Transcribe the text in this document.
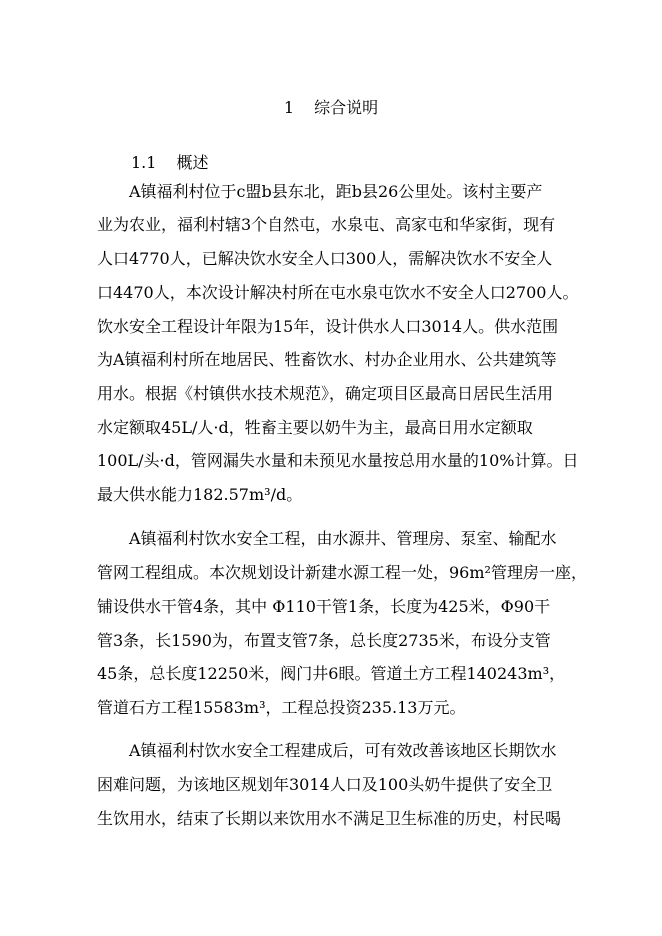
1 综合说明
1.1 概述
A镇福利村位于c盟b县东北，距b县26公里处。该村主要产
业为农业，福利村辖3个自然屯，水泉屯、高家屯和华家街，现有
人口4770人，已解决饮水安全人口300人，需解决饮水不安全人
口4470人，本次设计解决村所在屯水泉屯饮水不安全人口2700人。
饮水安全工程设计年限为15年，设计供水人口3014人。供水范围
为A镇福利村所在地居民、牲畜饮水、村办企业用水、公共建筑等
用水。根据《村镇供水技术规范》，确定项目区最高日居民生活用
水定额取45L/人·d，牲畜主要以奶牛为主，最高日用水定额取
100L/头·d，管网漏失水量和未预见水量按总用水量的10%计算。日
最大供水能力182.57m³/d。
A镇福利村饮水安全工程，由水源井、管理房、泵室、输配水
管网工程组成。本次规划设计新建水源工程一处，96m²管理房一座，
铺设供水干管4条，其中 Φ110干管1条，长度为425米，Φ90干
管3条，长1590为，布置支管7条，总长度2735米，布设分支管
45条，总长度12250米，阀门井6眼。管道土方工程140243m³，
管道石方工程15583m³，工程总投资235.13万元。
A镇福利村饮水安全工程建成后，可有效改善该地区长期饮水
困难问题，为该地区规划年3014人口及100头奶牛提供了安全卫
生饮用水，结束了长期以来饮用水不满足卫生标准的历史，村民喝
